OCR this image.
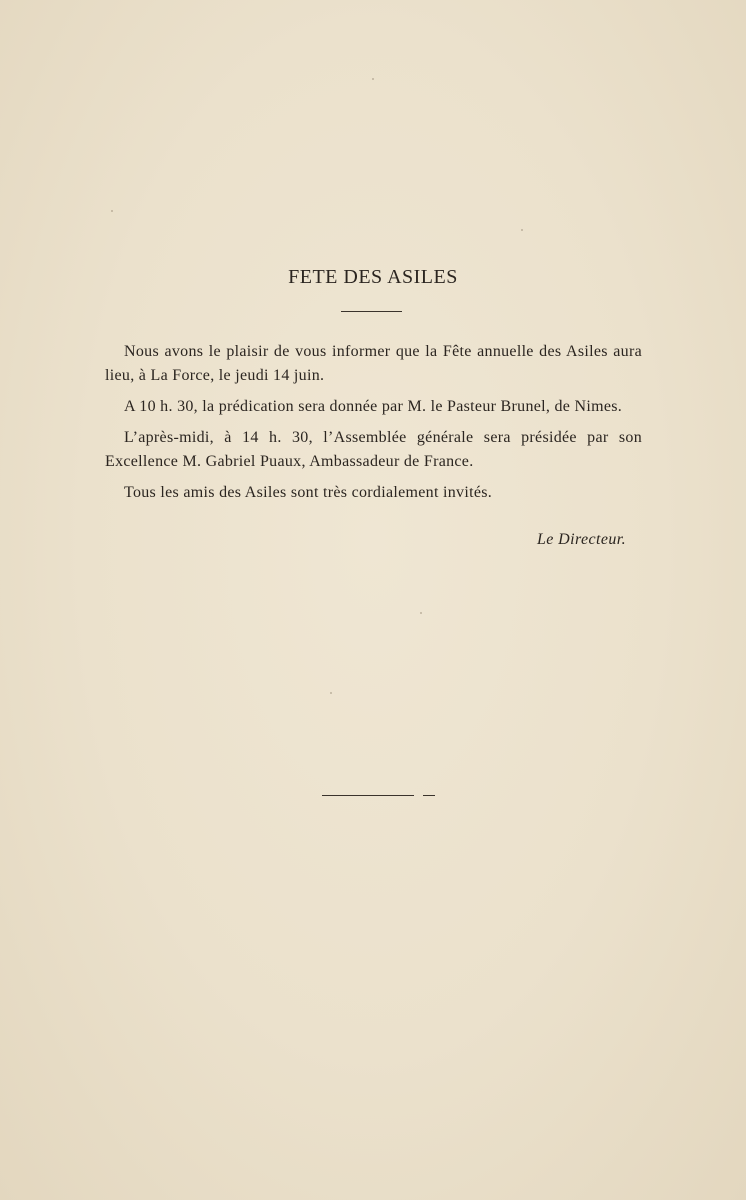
FETE DES ASILES

Nous avons le plaisir de vous informer que la Fête annuelle des Asiles aura lieu, à La Force, le jeudi 14 juin.

A 10 h. 30, la prédication sera donnée par M. le Pasteur Brunel, de Nimes.

L’après-midi, à 14 h. 30, l’Assemblée générale sera présidée par son Excellence M. Gabriel Puaux, Ambassadeur de France.

Tous les amis des Asiles sont très cordialement invités.

Le Directeur.
